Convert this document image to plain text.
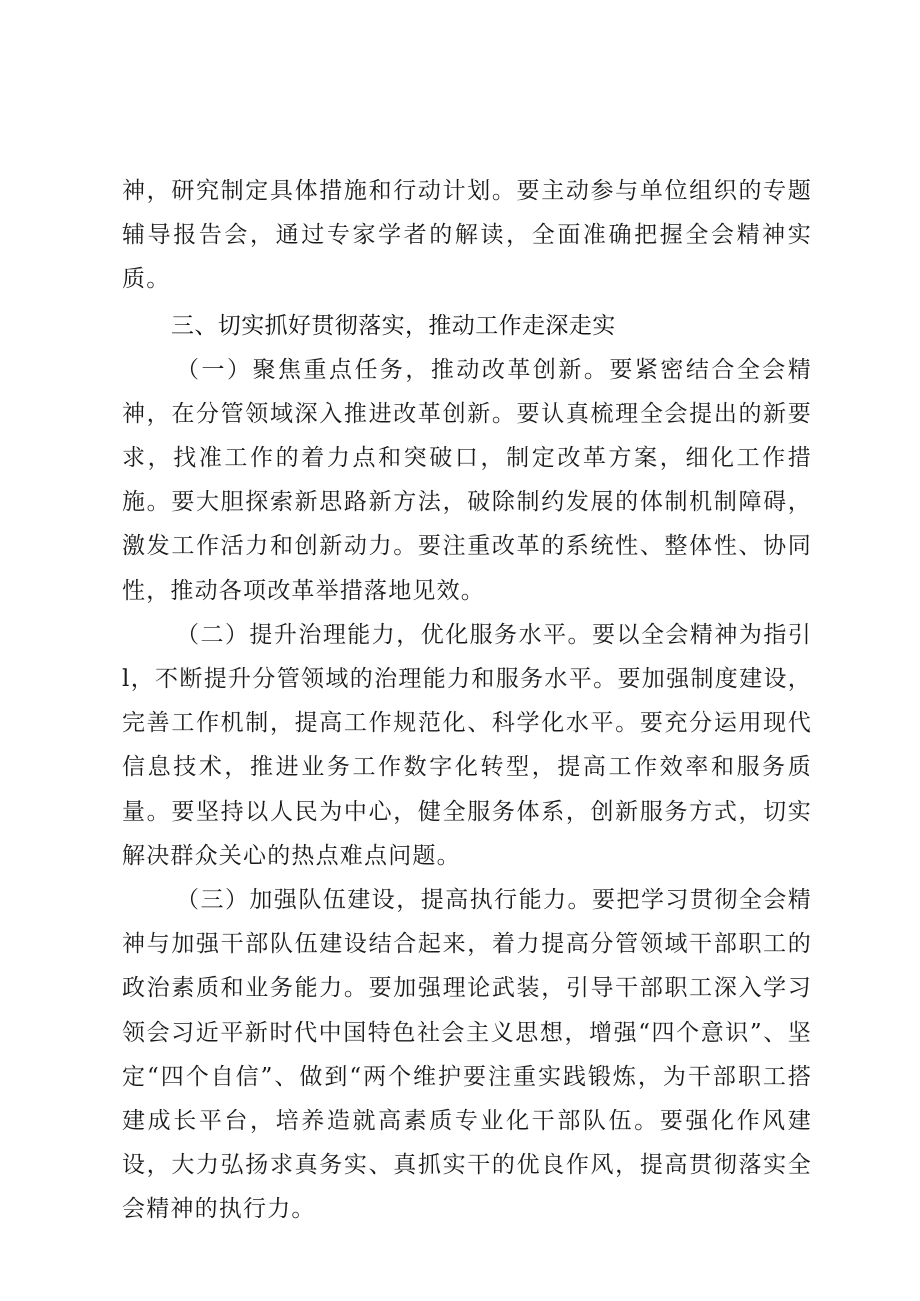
神，研究制定具体措施和行动计划。要主动参与单位组织的专题辅导报告会，通过专家学者的解读，全面准确把握全会精神实质。

三、切实抓好贯彻落实，推动工作走深走实

（一）聚焦重点任务，推动改革创新。要紧密结合全会精神，在分管领域深入推进改革创新。要认真梳理全会提出的新要求，找准工作的着力点和突破口，制定改革方案，细化工作措施。要大胆探索新思路新方法，破除制约发展的体制机制障碍，激发工作活力和创新动力。要注重改革的系统性、整体性、协同性，推动各项改革举措落地见效。

（二）提升治理能力，优化服务水平。要以全会精神为指引l，不断提升分管领域的治理能力和服务水平。要加强制度建设，完善工作机制，提高工作规范化、科学化水平。要充分运用现代信息技术，推进业务工作数字化转型，提高工作效率和服务质量。要坚持以人民为中心，健全服务体系，创新服务方式，切实解决群众关心的热点难点问题。

（三）加强队伍建设，提高执行能力。要把学习贯彻全会精神与加强干部队伍建设结合起来，着力提高分管领域干部职工的政治素质和业务能力。要加强理论武装，引导干部职工深入学习领会习近平新时代中国特色社会主义思想，增强“四个意识”、坚定“四个自信”、做到“两个维护要注重实践锻炼，为干部职工搭建成长平台，培养造就高素质专业化干部队伍。要强化作风建设，大力弘扬求真务实、真抓实干的优良作风，提高贯彻落实全会精神的执行力。
